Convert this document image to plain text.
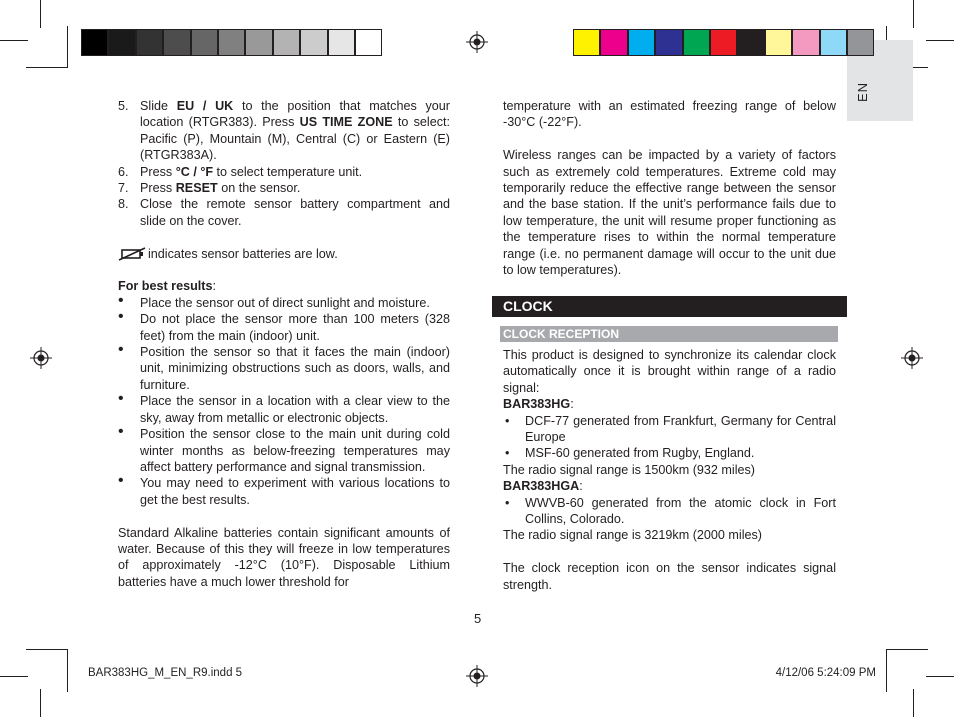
EN
5. Slide EU / UK to the position that matches your location (RTGR383). Press US TIME ZONE to select: Pacific (P), Mountain (M), Central (C) or Eastern (E) (RTGR383A).
6. Press °C / °F to select temperature unit.
7. Press RESET on the sensor.
8. Close the remote sensor battery compartment and slide on the cover.
indicates sensor batteries are low.
For best results:
• Place the sensor out of direct sunlight and moisture.
• Do not place the sensor more than 100 meters (328 feet) from the main (indoor) unit.
• Position the sensor so that it faces the main (indoor) unit, minimizing obstructions such as doors, walls, and furniture.
• Place the sensor in a location with a clear view to the sky, away from metallic or electronic objects.
• Position the sensor close to the main unit during cold winter months as below-freezing temperatures may affect battery performance and signal transmission.
• You may need to experiment with various locations to get the best results.
Standard Alkaline batteries contain significant amounts of water. Because of this they will freeze in low temperatures of approximately -12°C (10°F). Disposable Lithium batteries have a much lower threshold for
temperature with an estimated freezing range of below -30°C (-22°F).
Wireless ranges can be impacted by a variety of factors such as extremely cold temperatures. Extreme cold may temporarily reduce the effective range between the sensor and the base station. If the unit’s performance fails due to low temperature, the unit will resume proper functioning as the temperature rises to within the normal temperature range (i.e. no permanent damage will occur to the unit due to low temperatures).
CLOCK
CLOCK RECEPTION
This product is designed to synchronize its calendar clock automatically once it is brought within range of a radio signal:
BAR383HG:
• DCF-77 generated from Frankfurt, Germany for Central Europe
• MSF-60 generated from Rugby, England.
The radio signal range is 1500km (932 miles)
BAR383HGA:
• WWVB-60 generated from the atomic clock in Fort Collins, Colorado.
The radio signal range is 3219km (2000 miles)
The clock reception icon on the sensor indicates signal strength.
5
BAR383HG_M_EN_R9.indd 5	4/12/06 5:24:09 PM
